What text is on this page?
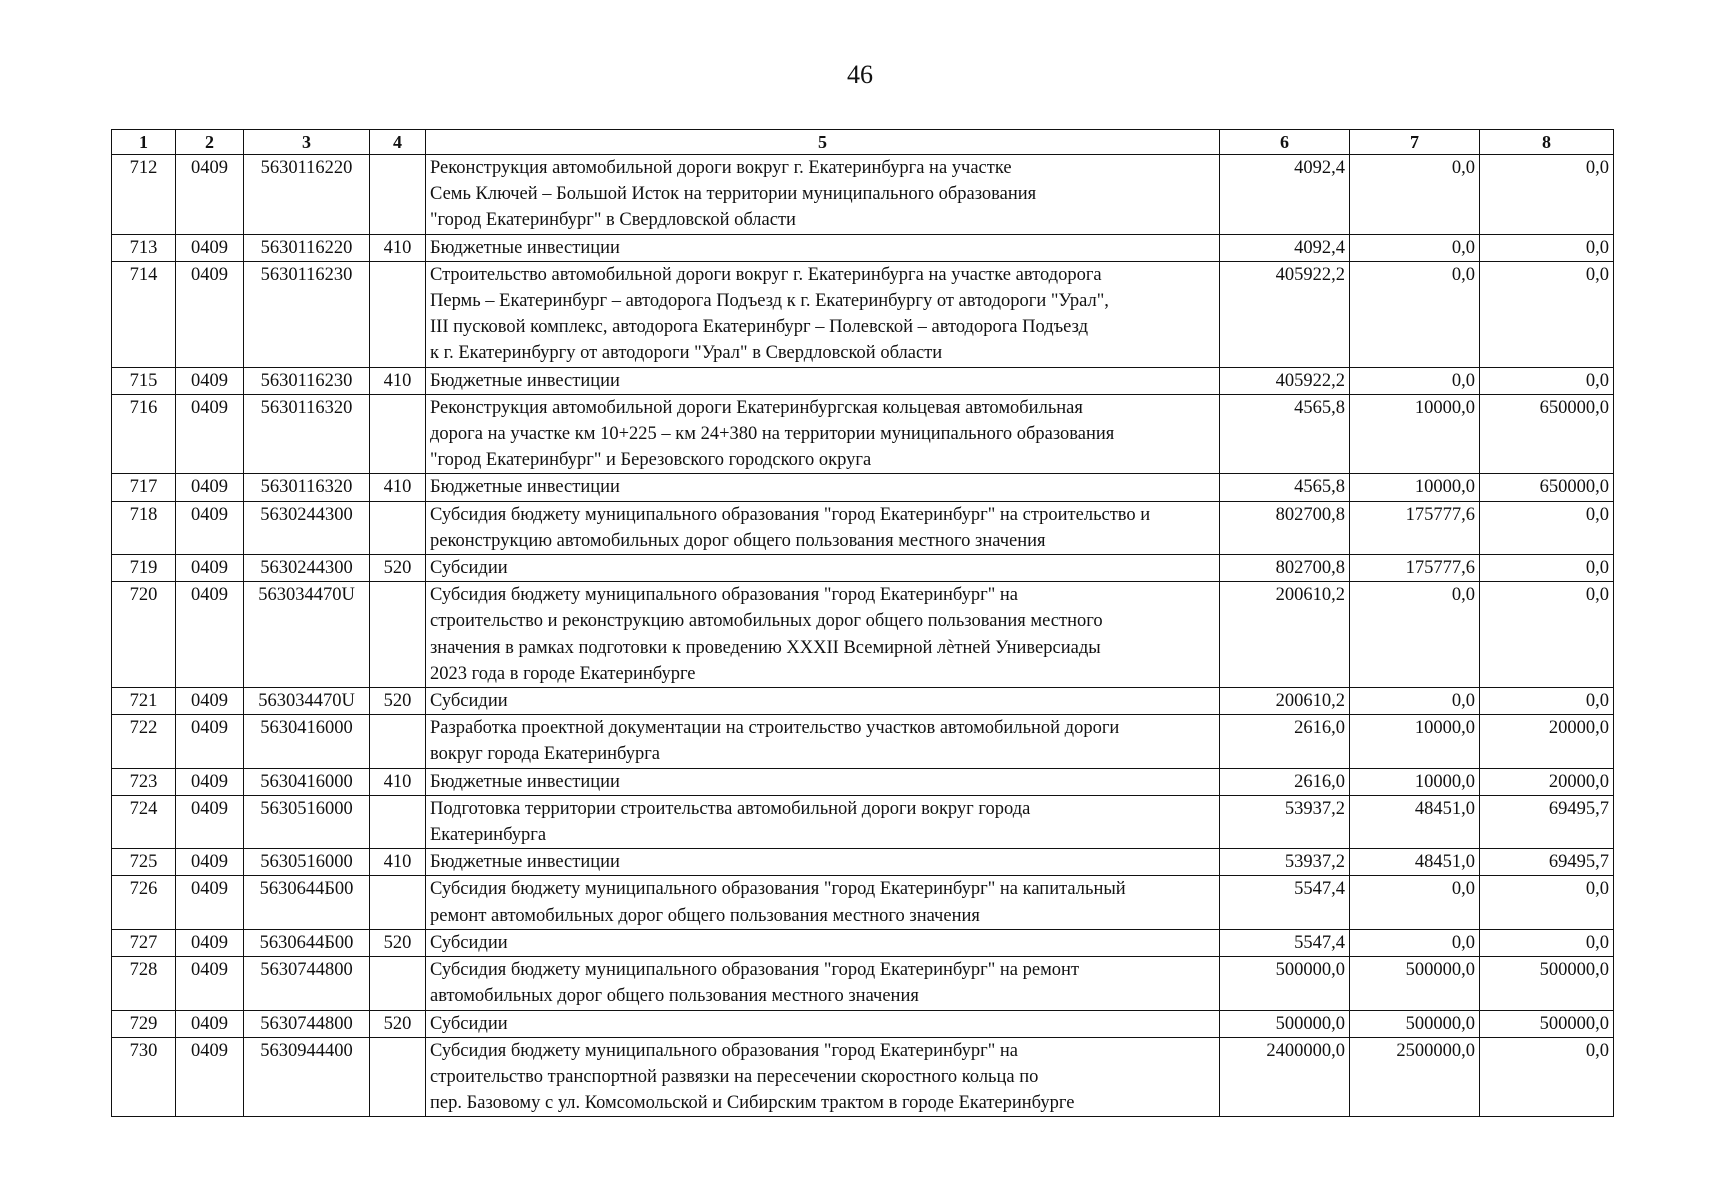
46
1	2	3	4	5	6	7	8
712	0409	5630116220		Реконструкция автомобильной дороги вокруг г. Екатеринбурга на участке
Семь Ключей – Большой Исток на территории муниципального образования
"город Екатеринбург" в Свердловской области	4092,4	0,0	0,0
713	0409	5630116220	410	Бюджетные инвестиции	4092,4	0,0	0,0
714	0409	5630116230		Строительство автомобильной дороги вокруг г. Екатеринбурга на участке автодорога
Пермь – Екатеринбург – автодорога Подъезд к г. Екатеринбургу от автодороги "Урал",
III пусковой комплекс, автодорога Екатеринбург – Полевской – автодорога Подъезд
к г. Екатеринбургу от автодороги "Урал" в Свердловской области	405922,2	0,0	0,0
715	0409	5630116230	410	Бюджетные инвестиции	405922,2	0,0	0,0
716	0409	5630116320		Реконструкция автомобильной дороги Екатеринбургская кольцевая автомобильная
дорога на участке км 10+225 – км 24+380 на территории муниципального образования
"город Екатеринбург" и Березовского городского округа	4565,8	10000,0	650000,0
717	0409	5630116320	410	Бюджетные инвестиции	4565,8	10000,0	650000,0
718	0409	5630244300		Субсидия бюджету муниципального образования "город Екатеринбург" на строительство и
реконструкцию автомобильных дорог общего пользования местного значения	802700,8	175777,6	0,0
719	0409	5630244300	520	Субсидии	802700,8	175777,6	0,0
720	0409	563034470U		Субсидия бюджету муниципального образования "город Екатеринбург" на
строительство и реконструкцию автомобильных дорог общего пользования местного
значения в рамках подготовки к проведению XXXII Всемирной лѐтней Универсиады
2023 года в городе Екатеринбурге	200610,2	0,0	0,0
721	0409	563034470U	520	Субсидии	200610,2	0,0	0,0
722	0409	5630416000		Разработка проектной документации на строительство участков автомобильной дороги
вокруг города Екатеринбурга	2616,0	10000,0	20000,0
723	0409	5630416000	410	Бюджетные инвестиции	2616,0	10000,0	20000,0
724	0409	5630516000		Подготовка территории строительства автомобильной дороги вокруг города
Екатеринбурга	53937,2	48451,0	69495,7
725	0409	5630516000	410	Бюджетные инвестиции	53937,2	48451,0	69495,7
726	0409	5630644Б00		Субсидия бюджету муниципального образования "город Екатеринбург" на капитальный
ремонт автомобильных дорог общего пользования местного значения	5547,4	0,0	0,0
727	0409	5630644Б00	520	Субсидии	5547,4	0,0	0,0
728	0409	5630744800		Субсидия бюджету муниципального образования "город Екатеринбург" на ремонт
автомобильных дорог общего пользования местного значения	500000,0	500000,0	500000,0
729	0409	5630744800	520	Субсидии	500000,0	500000,0	500000,0
730	0409	5630944400		Субсидия бюджету муниципального образования "город Екатеринбург" на
строительство транспортной развязки на пересечении скоростного кольца по
пер. Базовому с ул. Комсомольской и Сибирским трактом в городе Екатеринбурге	2400000,0	2500000,0	0,0
